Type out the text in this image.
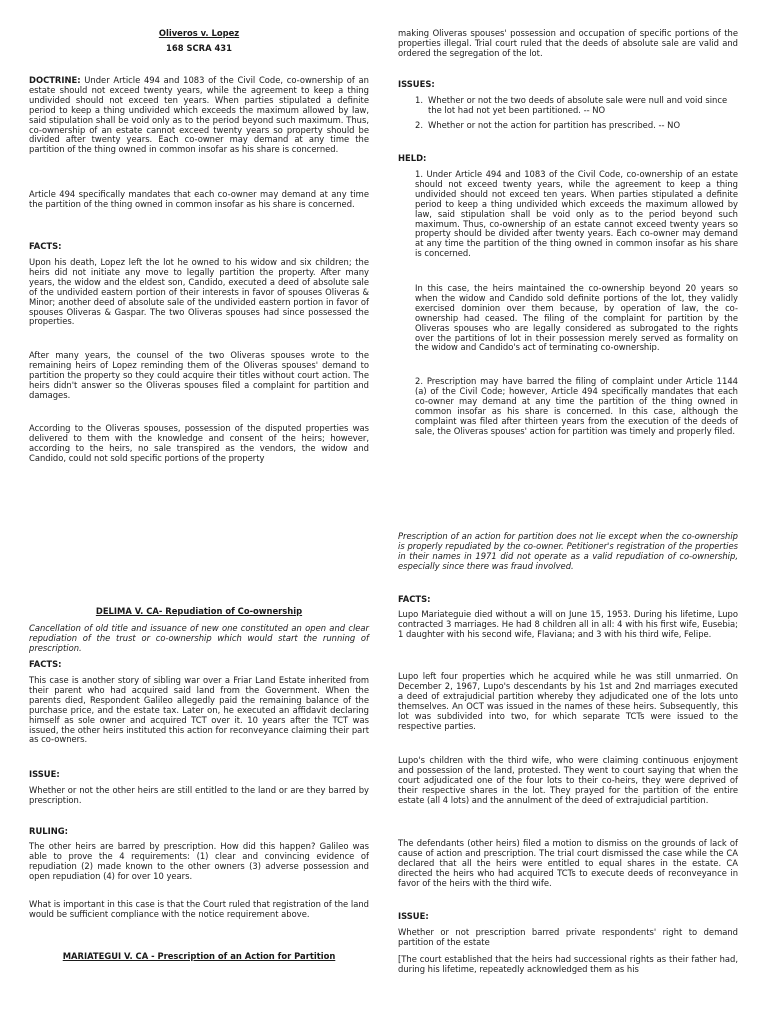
Oliveros v. Lopez
168 SCRA 431

DOCTRINE: Under Article 494 and 1083 of the Civil Code, co-ownership of an estate should not exceed twenty years, while the agreement to keep a thing undivided should not exceed ten years. When parties stipulated a definite period to keep a thing undivided which exceeds the maximum allowed by law, said stipulation shall be void only as to the period beyond such maximum. Thus, co-ownership of an estate cannot exceed twenty years so property should be divided after twenty years. Each co-owner may demand at any time the partition of the thing owned in common insofar as his share is concerned.

Article 494 specifically mandates that each co-owner may demand at any time the partition of the thing owned in common insofar as his share is concerned.

FACTS:

Upon his death, Lopez left the lot he owned to his widow and six children; the heirs did not initiate any move to legally partition the property. After many years, the widow and the eldest son, Candido, executed a deed of absolute sale of the undivided eastern portion of their interests in favor of spouses Oliveras & Minor; another deed of absolute sale of the undivided eastern portion in favor of spouses Oliveras & Gaspar. The two Oliveras spouses had since possessed the properties.

After many years, the counsel of the two Oliveras spouses wrote to the remaining heirs of Lopez reminding them of the Oliveras spouses' demand to partition the property so they could acquire their titles without court action. The heirs didn't answer so the Oliveras spouses filed a complaint for partition and damages.

According to the Oliveras spouses, possession of the disputed properties was delivered to them with the knowledge and consent of the heirs; however, according to the heirs, no sale transpired as the vendors, the widow and Candido, could not sold specific portions of the property

DELIMA V. CA- Repudiation of Co-ownership

Cancellation of old title and issuance of new one constituted an open and clear repudiation of the trust or co-ownership which would start the running of prescription.

FACTS:

This case is another story of sibling war over a Friar Land Estate inherited from their parent who had acquired said land from the Government. When the parents died, Respondent Galileo allegedly paid the remaining balance of the purchase price, and the estate tax. Later on, he executed an affidavit declaring himself as sole owner and acquired TCT over it. 10 years after the TCT was issued, the other heirs instituted this action for reconveyance claiming their part as co-owners.

ISSUE:

Whether or not the other heirs are still entitled to the land or are they barred by prescription.

RULING:

The other heirs are barred by prescription. How did this happen? Galileo was able to prove the 4 requirements: (1) clear and convincing evidence of repudiation (2) made known to the other owners (3) adverse possession and open repudiation (4) for over 10 years.

What is important in this case is that the Court ruled that registration of the land would be sufficient compliance with the notice requirement above.

MARIATEGUI V. CA - Prescription of an Action for Partition

making Oliveras spouses' possession and occupation of specific portions of the properties illegal. Trial court ruled that the deeds of absolute sale are valid and ordered the segregation of the lot.

ISSUES:
1. Whether or not the two deeds of absolute sale were null and void since the lot had not yet been partitioned. -- NO
2. Whether or not the action for partition has prescribed. -- NO
HELD:

1. Under Article 494 and 1083 of the Civil Code, co-ownership of an estate should not exceed twenty years, while the agreement to keep a thing undivided should not exceed ten years. When parties stipulated a definite period to keep a thing undivided which exceeds the maximum allowed by law, said stipulation shall be void only as to the period beyond such maximum. Thus, co-ownership of an estate cannot exceed twenty years so property should be divided after twenty years. Each co-owner may demand at any time the partition of the thing owned in common insofar as his share is concerned.

In this case, the heirs maintained the co-ownership beyond 20 years so when the widow and Candido sold definite portions of the lot, they validly exercised dominion over them because, by operation of law, the co-ownership had ceased. The filing of the complaint for partition by the Oliveras spouses who are legally considered as subrogated to the rights over the partitions of lot in their possession merely served as formality on the widow and Candido's act of terminating co-ownership.

2. Prescription may have barred the filing of complaint under Article 1144 (a) of the Civil Code; however, Article 494 specifically mandates that each co-owner may demand at any time the partition of the thing owned in common insofar as his share is concerned. In this case, although the complaint was filed after thirteen years from the execution of the deeds of sale, the Oliveras spouses' action for partition was timely and properly filed.

Prescription of an action for partition does not lie except when the co-ownership is properly repudiated by the co-owner. Petitioner's registration of the properties in their names in 1971 did not operate as a valid repudiation of co-ownership, especially since there was fraud involved.

FACTS:

Lupo Mariateguie died without a will on June 15, 1953. During his lifetime, Lupo contracted 3 marriages. He had 8 children all in all: 4 with his first wife, Eusebia; 1 daughter with his second wife, Flaviana; and 3 with his third wife, Felipe.

Lupo left four properties which he acquired while he was still unmarried. On December 2, 1967, Lupo's descendants by his 1st and 2nd marriages executed a deed of extrajudicial partition whereby they adjudicated one of the lots unto themselves. An OCT was issued in the names of these heirs. Subsequently, this lot was subdivided into two, for which separate TCTs were issued to the respective parties.

Lupo's children with the third wife, who were claiming continuous enjoyment and possession of the land, protested. They went to court saying that when the court adjudicated one of the four lots to their co-heirs, they were deprived of their respective shares in the lot. They prayed for the partition of the entire estate (all 4 lots) and the annulment of the deed of extrajudicial partition.

The defendants (other heirs) filed a motion to dismiss on the grounds of lack of cause of action and prescription. The trial court dismissed the case while the CA declared that all the heirs were entitled to equal shares in the estate. CA directed the heirs who had acquired TCTs to execute deeds of reconveyance in favor of the heirs with the third wife.

ISSUE:

Whether or not prescription barred private respondents' right to demand partition of the estate

[The court established that the heirs had successional rights as their father had, during his lifetime, repeatedly acknowledged them as his
